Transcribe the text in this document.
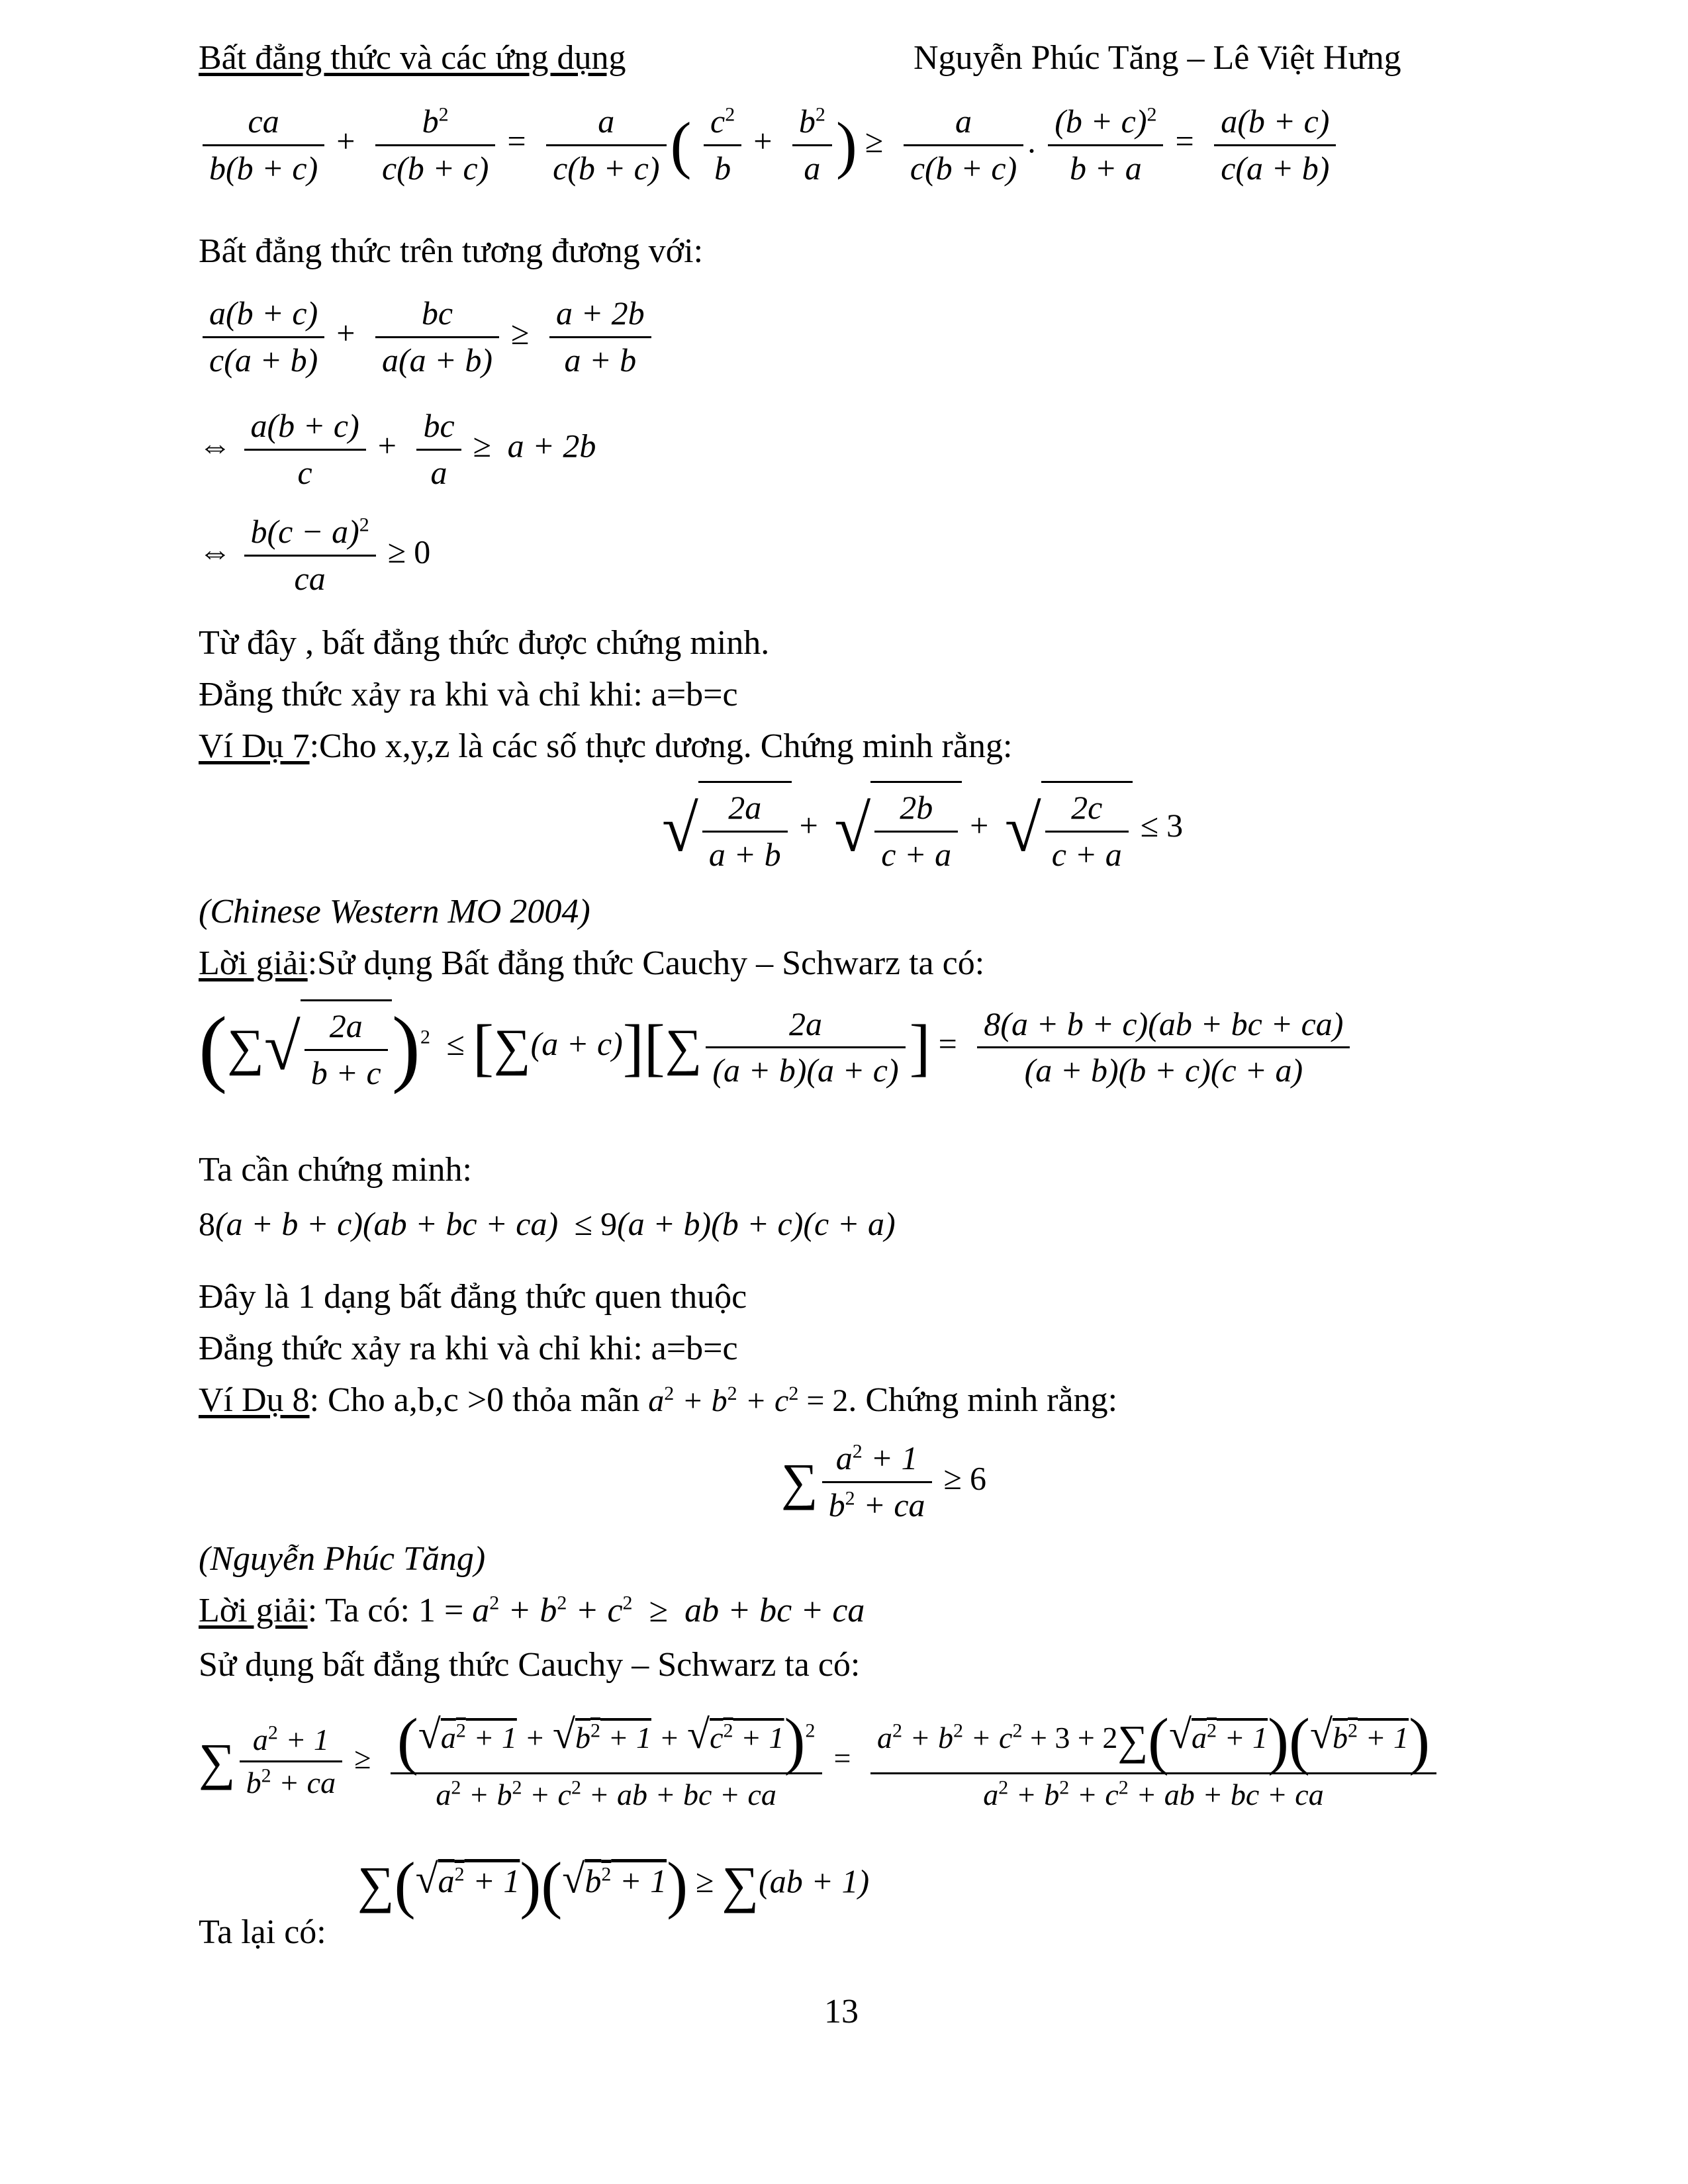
Bất đẳng thức và các ứng dụng	Nguyễn Phúc Tăng – Lê Việt Hưng
$\frac{ca}{b(b + c)} + \frac{b^2}{c(b + c)} = \frac{a}{c(b + c)}$ ( $\frac{c^2}{b} + \frac{b^2}{a}$ ) ≥ $\frac{a}{c(b + c)}$ . $\frac{(b + c)^2}{b + a} = \frac{a(b + c)}{c(a + b)}$
Bất đẳng thức trên tương đương với:
$\frac{a(b + c)}{c(a + b)} + \frac{bc}{a(a + b)} \ge \frac{a + 2b}{a + b}$
⇔ $\frac{a(b + c)}{c} + \frac{bc}{a} \ge a + 2b$
⇔ $\frac{b(c - a)^2}{ca} \ge 0$
Từ đây , bất đẳng thức được chứng minh.
Đẳng thức xảy ra khi và chỉ khi: a=b=c
Ví Dụ 7:Cho x,y,z là các số thực dương. Chứng minh rằng:
√ $\frac{2a}{a + b}$ + √ $\frac{2b}{c + a}$ + √ $\frac{2c}{c + a} \le 3$
(Chinese Western MO 2004)
Lời giải:Sử dụng Bất đẳng thức Cauchy – Schwarz ta có:
(∑√ $\frac{2a}{b + c} )^2 \le [\sum(a + c)][\sum \frac{2a}{(a + b)(a + c)}$ ] = $\frac{8(a + b + c)(ab + bc + ca)}{(a + b)(b + c)(c + a)}$
Ta cần chứng minh:
8(a + b + c)(ab + bc + ca) ≤ 9(a + b)(b + c)(c + a)
Đây là 1 dạng bất đẳng thức quen thuộc
Đẳng thức xảy ra khi và chỉ khi: a=b=c
Ví Dụ 8: Cho a,b,c >0 thỏa mãn $a^2 + b^2 + c^2 = 2$. Chứng minh rằng:
∑ $\frac{a^2 + 1}{b^2 + ca} \ge 6$
(Nguyễn Phúc Tăng)
Lời giải: Ta có: $1 = a^2 + b^2 + c^2$ ≥ ab + bc + ca
Sử dụng bất đẳng thức Cauchy – Schwarz ta có:
∑ $\frac{a^2 + 1}{b^2 + ca} \ge \frac{(√a^2 + 1 + √b^2 + 1 + √c^2 + 1)^2}{a^2 + b^2 + c^2 + ab + bc + ca} = \frac{a^2 + b^2 + c^2 + 3 + 2\sum(√a^2 + 1)(√b^2 + 1)}{a^2 + b^2 + c^2 + ab + bc + ca}$
$\sum(√a^2 + 1)(√b^2 + 1) \ge \sum(ab + 1)$
Ta lại có:
13
